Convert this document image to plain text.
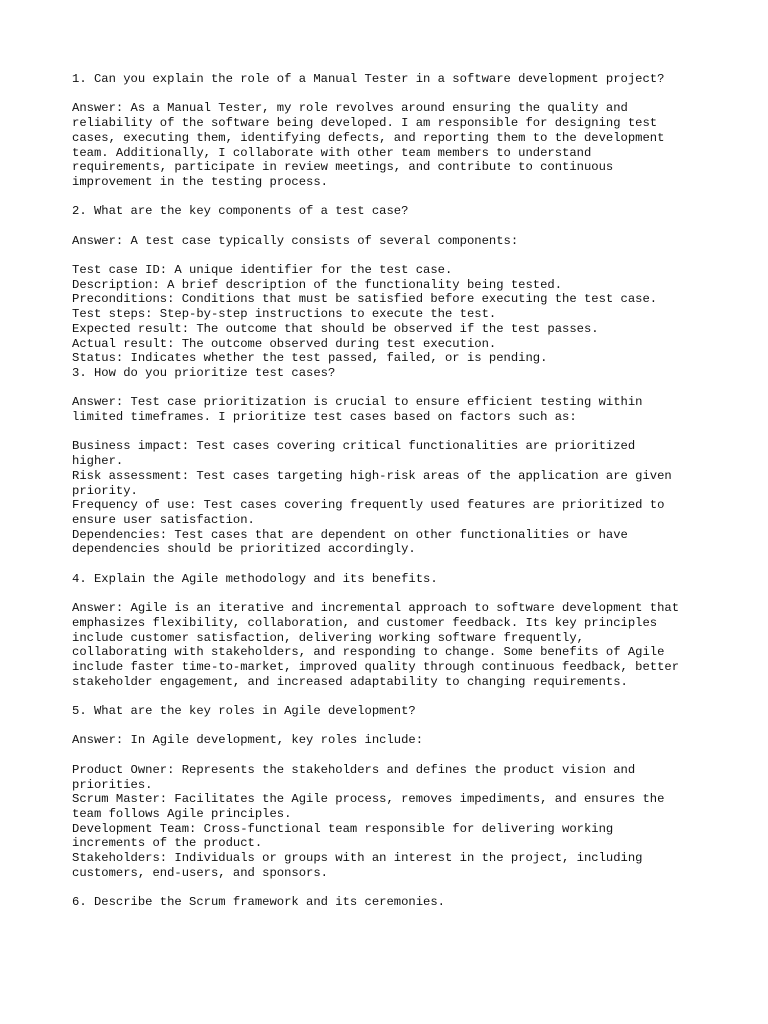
1. Can you explain the role of a Manual Tester in a software development project?
Answer: As a Manual Tester, my role revolves around ensuring the quality and
reliability of the software being developed. I am responsible for designing test
cases, executing them, identifying defects, and reporting them to the development
team. Additionally, I collaborate with other team members to understand
requirements, participate in review meetings, and contribute to continuous
improvement in the testing process.
2. What are the key components of a test case?
Answer: A test case typically consists of several components:
Test case ID: A unique identifier for the test case.
Description: A brief description of the functionality being tested.
Preconditions: Conditions that must be satisfied before executing the test case.
Test steps: Step-by-step instructions to execute the test.
Expected result: The outcome that should be observed if the test passes.
Actual result: The outcome observed during test execution.
Status: Indicates whether the test passed, failed, or is pending.
3. How do you prioritize test cases?
Answer: Test case prioritization is crucial to ensure efficient testing within
limited timeframes. I prioritize test cases based on factors such as:
Business impact: Test cases covering critical functionalities are prioritized
higher.
Risk assessment: Test cases targeting high-risk areas of the application are given
priority.
Frequency of use: Test cases covering frequently used features are prioritized to
ensure user satisfaction.
Dependencies: Test cases that are dependent on other functionalities or have
dependencies should be prioritized accordingly.
4. Explain the Agile methodology and its benefits.
Answer: Agile is an iterative and incremental approach to software development that
emphasizes flexibility, collaboration, and customer feedback. Its key principles
include customer satisfaction, delivering working software frequently,
collaborating with stakeholders, and responding to change. Some benefits of Agile
include faster time-to-market, improved quality through continuous feedback, better
stakeholder engagement, and increased adaptability to changing requirements.
5. What are the key roles in Agile development?
Answer: In Agile development, key roles include:
Product Owner: Represents the stakeholders and defines the product vision and
priorities.
Scrum Master: Facilitates the Agile process, removes impediments, and ensures the
team follows Agile principles.
Development Team: Cross-functional team responsible for delivering working
increments of the product.
Stakeholders: Individuals or groups with an interest in the project, including
customers, end-users, and sponsors.
6. Describe the Scrum framework and its ceremonies.
